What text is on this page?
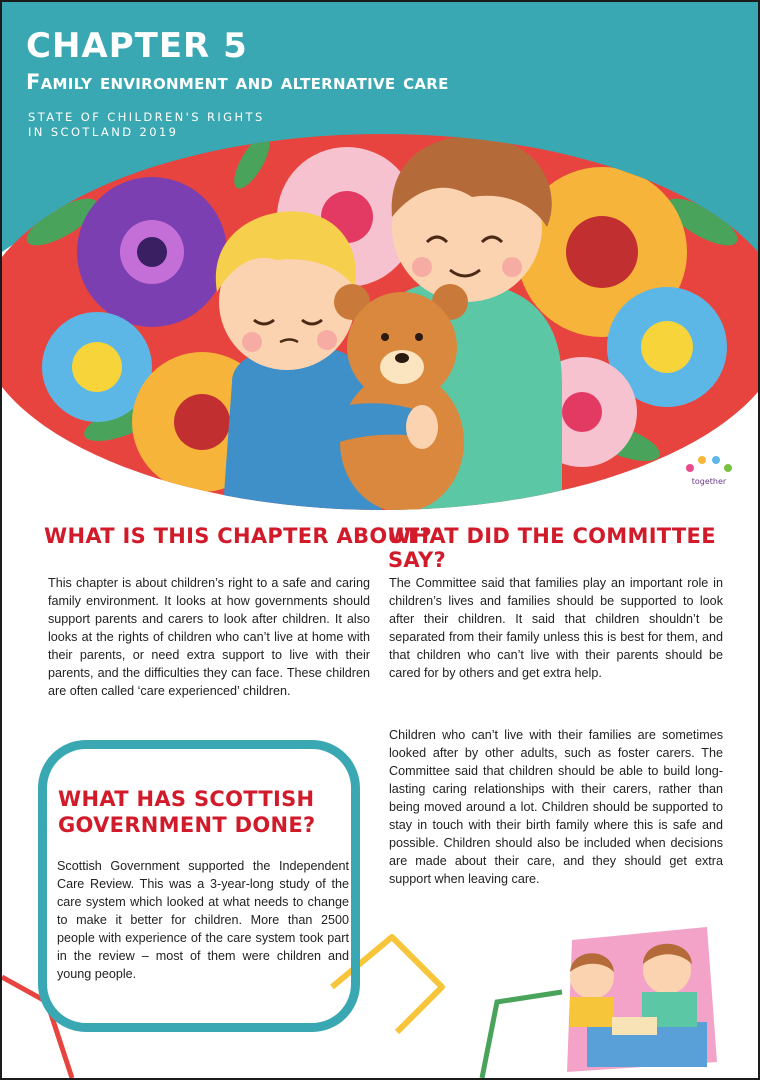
together
CHAPTER 5
Family environment and alternative care
STATE OF CHILDREN'S RIGHTS
IN SCOTLAND 2019
WHAT IS THIS CHAPTER ABOUT?

This chapter is about children’s right to a safe and caring family environment. It looks at how governments should support parents and carers to look after children. It also looks at the rights of children who can’t live at home with their parents, or need extra support to live with their parents, and the difficulties they can face. These children are often called ‘care experienced’ children.

WHAT DID THE COMMITTEE SAY?

The Committee said that families play an important role in children’s lives and families should be supported to look after their children. It said that children shouldn’t be separated from their family unless this is best for them, and that children who can’t live with their parents should be cared for by others and get extra help.

Children who can’t live with their families are sometimes looked after by other adults, such as foster carers. The Committee said that children should be able to build long-lasting caring relationships with their carers, rather than being moved around a lot. Children should be supported to stay in touch with their birth family where this is safe and possible. Children should also be included when decisions are made about their care, and they should get extra support when leaving care.

WHAT HAS SCOTTISH GOVERNMENT DONE?

Scottish Government supported the Independent Care Review. This was a 3-year-long study of the care system which looked at what needs to change to make it better for children. More than 2500 people with experience of the care system took part in the review – most of them were children and young people.
